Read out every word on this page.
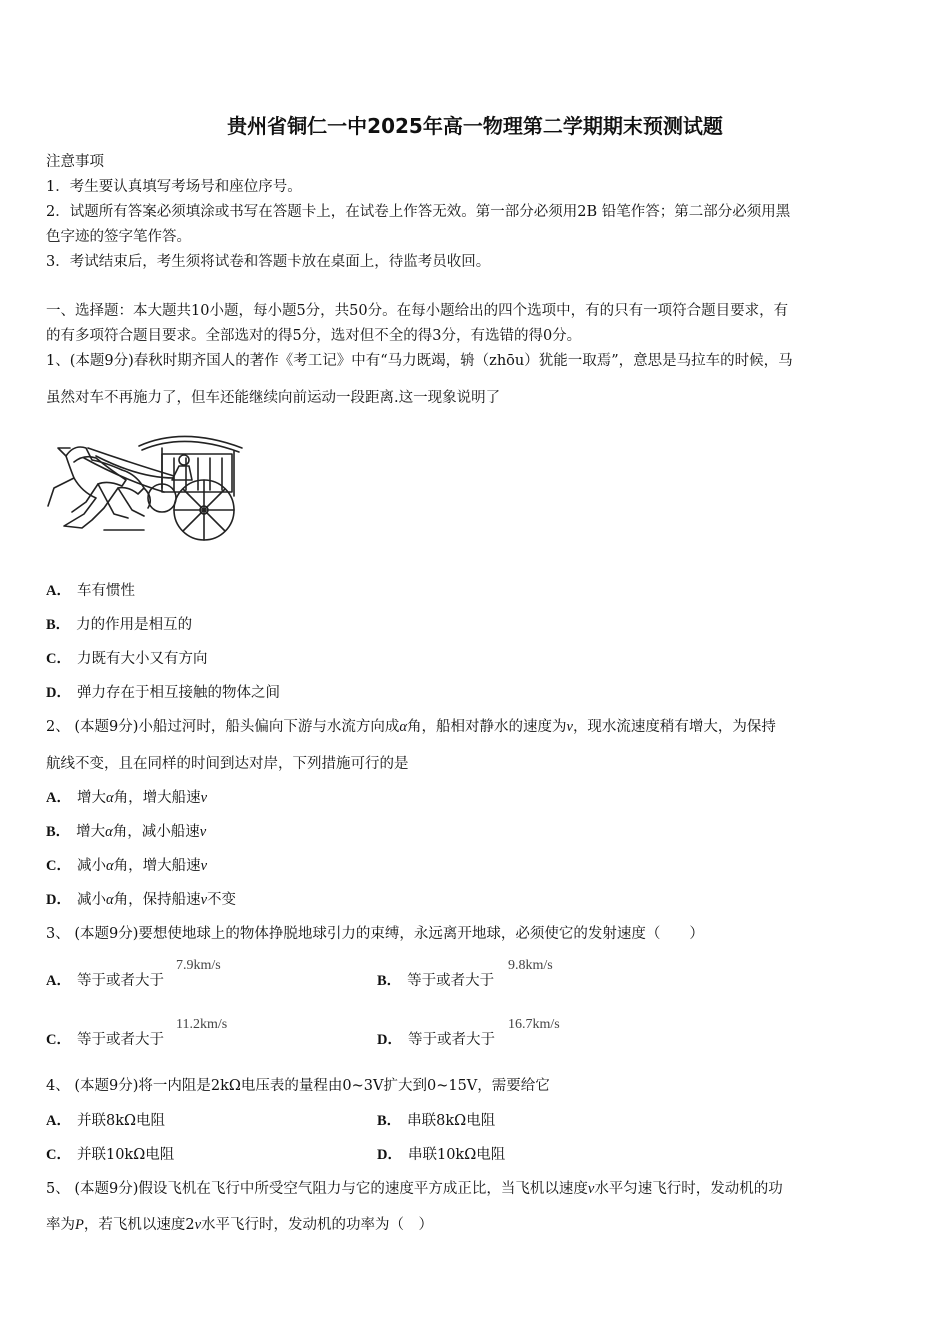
贵州省铜仁一中2025年高一物理第二学期期末预测试题
注意事项
1．考生要认真填写考场号和座位序号。
2．试题所有答案必须填涂或书写在答题卡上，在试卷上作答无效。第一部分必须用2B 铅笔作答；第二部分必须用黑
色字迹的签字笔作答。
3．考试结束后，考生须将试卷和答题卡放在桌面上，待监考员收回。
一、选择题：本大题共10小题，每小题5分，共50分。在每小题给出的四个选项中，有的只有一项符合题目要求，有
的有多项符合题目要求。全部选对的得5分，选对但不全的得3分，有选错的得0分。
1、(本题9分)春秋时期齐国人的著作《考工记》中有“马力既竭，辀（zhōu）犹能一取焉”，意思是马拉车的时候，马
虽然对车不再施力了，但车还能继续向前运动一段距离.这一现象说明了
A． 车有惯性
B． 力的作用是相互的
C． 力既有大小又有方向
D． 弹力存在于相互接触的物体之间
2、 (本题9分)小船过河时，船头偏向下游与水流方向成α角，船相对静水的速度为v，现水流速度稍有增大，为保持
航线不变，且在同样的时间到达对岸，下列措施可行的是
A． 增大α角，增大船速v
B． 增大α角，减小船速v
C． 减小α角，增大船速v
D． 减小α角，保持船速v不变
3、 (本题9分)要想使地球上的物体挣脱地球引力的束缚，永远离开地球，必须使它的发射速度（　　）
A． 等于或者大于
7.9km/s
B． 等于或者大于
9.8km/s
C． 等于或者大于
11.2km/s
D． 等于或者大于
16.7km/s
4、 (本题9分)将一内阻是2kΩ电压表的量程由0~3V扩大到0~15V，需要给它
A． 并联8kΩ电阻	B． 串联8kΩ电阻
C． 并联10kΩ电阻	D． 串联10kΩ电阻
5、 (本题9分)假设飞机在飞行中所受空气阻力与它的速度平方成正比，当飞机以速度v水平匀速飞行时，发动机的功
率为P，若飞机以速度2v水平飞行时，发动机的功率为（　）
